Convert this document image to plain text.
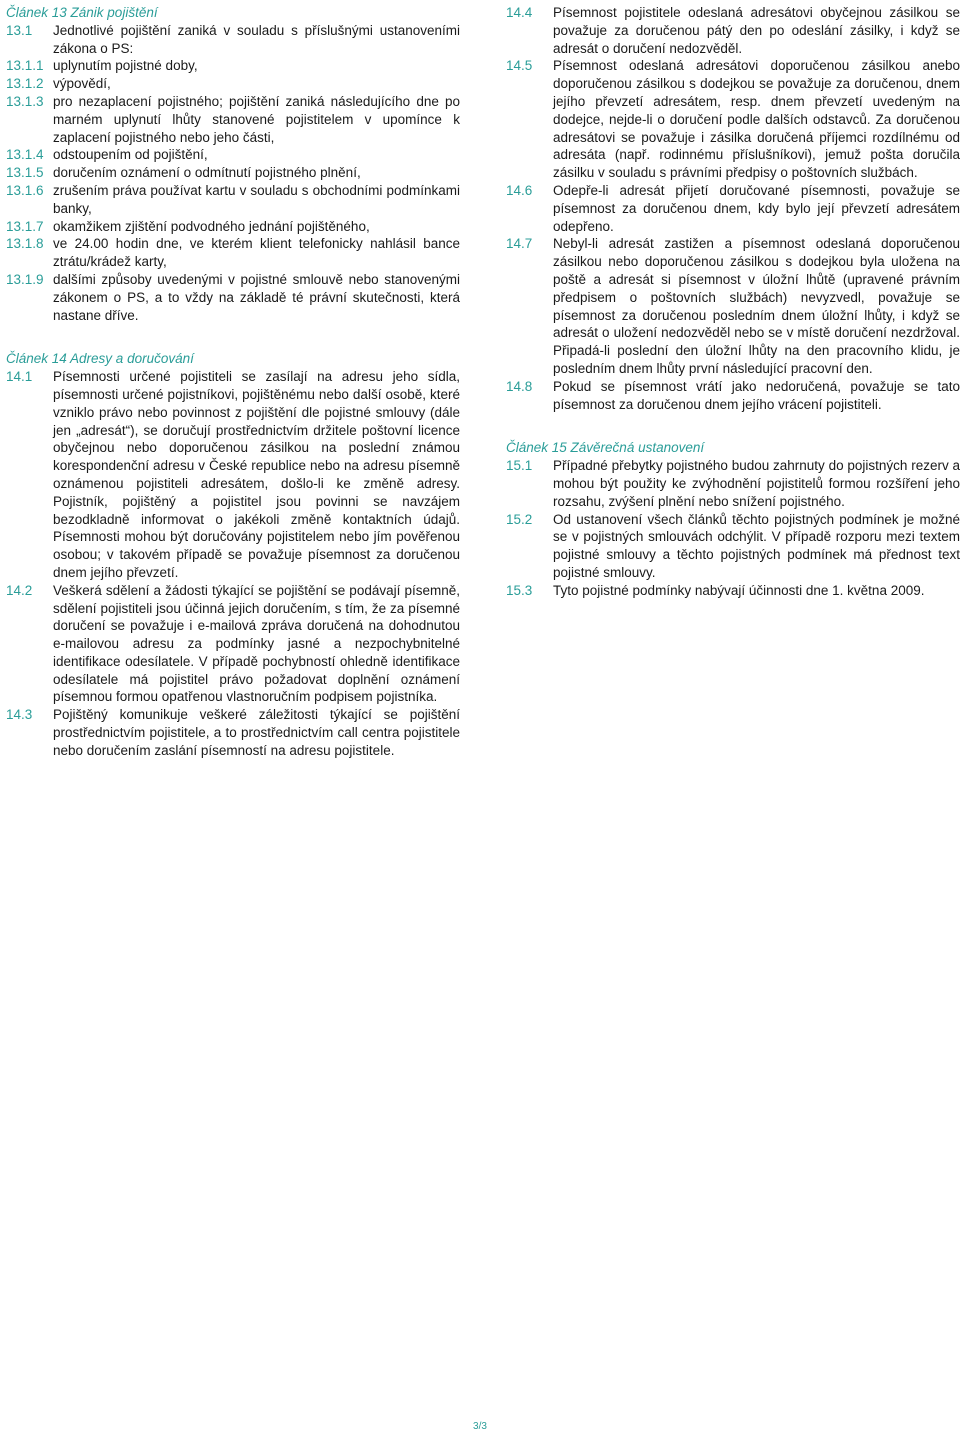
Článek 13 Zánik pojištění

13.1	Jednotlivé pojištění zaniká v souladu s příslušnými ustanoveními zákona o PS:
13.1.1 uplynutím pojistné doby,
13.1.2 výpovědí,
13.1.3 pro nezaplacení pojistného; pojištění zaniká následujícího dne po marném uplynutí lhůty stanovené pojistitelem v upomínce k zaplacení pojistného nebo jeho části,
13.1.4 odstoupením od pojištění,
13.1.5 doručením oznámení o odmítnutí pojistného plnění,
13.1.6 zrušením práva používat kartu v souladu s obchodními podmínkami banky,
13.1.7 okamžikem zjištění podvodného jednání pojištěného,
13.1.8 ve 24.00 hodin dne, ve kterém klient telefonicky nahlásil bance ztrátu/krádež karty,
13.1.9 dalšími způsoby uvedenými v pojistné smlouvě nebo stanovenými zákonem o PS, a to vždy na základě té právní skutečnosti, která nastane dříve.

Článek 14 Adresy a doručování

14.1	Písemnosti určené pojistiteli se zasílají na adresu jeho sídla, písemnosti určené pojistníkovi, pojištěnému nebo další osobě, které vzniklo právo nebo povinnost z pojištění dle pojistné smlouvy (dále jen „adresát“), se doručují prostřednictvím držitele poštovní licence obyčejnou nebo doporučenou zásilkou na poslední známou korespondenční adresu v České republice nebo na adresu písemně oznámenou pojistiteli adresátem, došlo-li ke změně adresy. Pojistník, pojištěný a pojistitel jsou povinni se navzájem bezodkladně informovat o jakékoli změně kontaktních údajů. Písemnosti mohou být doručovány pojistitelem nebo jím pověřenou osobou; v takovém případě se považuje písemnost za doručenou dnem jejího převzetí.
14.2	Veškerá sdělení a žádosti týkající se pojištění se podávají písemně, sdělení pojistiteli jsou účinná jejich doručením, s tím, že za písemné doručení se považuje i e-mailová zpráva doručená na dohodnutou e-mailovou adresu za podmínky jasné a nezpochybnitelné identifikace odesílatele. V případě pochybností ohledně identifikace odesílatele má pojistitel právo požadovat doplnění oznámení písemnou formou opatřenou vlastnoručním podpisem pojistníka.
14.3	Pojištěný komunikuje veškeré záležitosti týkající se pojištění prostřednictvím pojistitele, a to prostřednictvím call centra pojistitele nebo doručením zaslání písemností na adresu pojistitele.
14.4	Písemnost pojistitele odeslaná adresátovi obyčejnou zásilkou se považuje za doručenou pátý den po odeslání zásilky, i když se adresát o doručení nedozvěděl.
14.5	Písemnost odeslaná adresátovi doporučenou zásilkou anebo doporučenou zásilkou s dodejkou se považuje za doručenou, dnem jejího převzetí adresátem, resp. dnem převzetí uvedeným na dodejce, nejde-li o doručení podle dalších odstavců. Za doručenou adresátovi se považuje i zásilka doručená příjemci rozdílnému od adresáta (např. rodinnému příslušníkovi), jemuž pošta doručila zásilku v souladu s právními předpisy o poštovních službách.
14.6	Odepře-li adresát přijetí doručované písemnosti, považuje se písemnost za doručenou dnem, kdy bylo její převzetí adresátem odepřeno.
14.7	Nebyl-li adresát zastižen a písemnost odeslaná doporučenou zásilkou nebo doporučenou zásilkou s dodejkou byla uložena na poště a adresát si písemnost v úložní lhůtě (upravené právním předpisem o poštovních službách) nevyzvedl, považuje se písemnost za doručenou posledním dnem úložní lhůty, i když se adresát o uložení nedozvěděl nebo se v místě doručení nezdržoval. Připadá-li poslední den úložní lhůty na den pracovního klidu, je posledním dnem lhůty první následující pracovní den.
14.8	Pokud se písemnost vrátí jako nedoručená, považuje se tato písemnost za doručenou dnem jejího vrácení pojistiteli.

Článek 15 Závěrečná ustanovení

15.1	Případné přebytky pojistného budou zahrnuty do pojistných rezerv a mohou být použity ke zvýhodnění pojistitelů formou rozšíření jeho rozsahu, zvýšení plnění nebo snížení pojistného.
15.2	Od ustanovení všech článků těchto pojistných podmínek je možné se v pojistných smlouvách odchýlit. V případě rozporu mezi textem pojistné smlouvy a těchto pojistných podmínek má přednost text pojistné smlouvy.
15.3	Tyto pojistné podmínky nabývají účinnosti dne 1. května 2009.
3/3
